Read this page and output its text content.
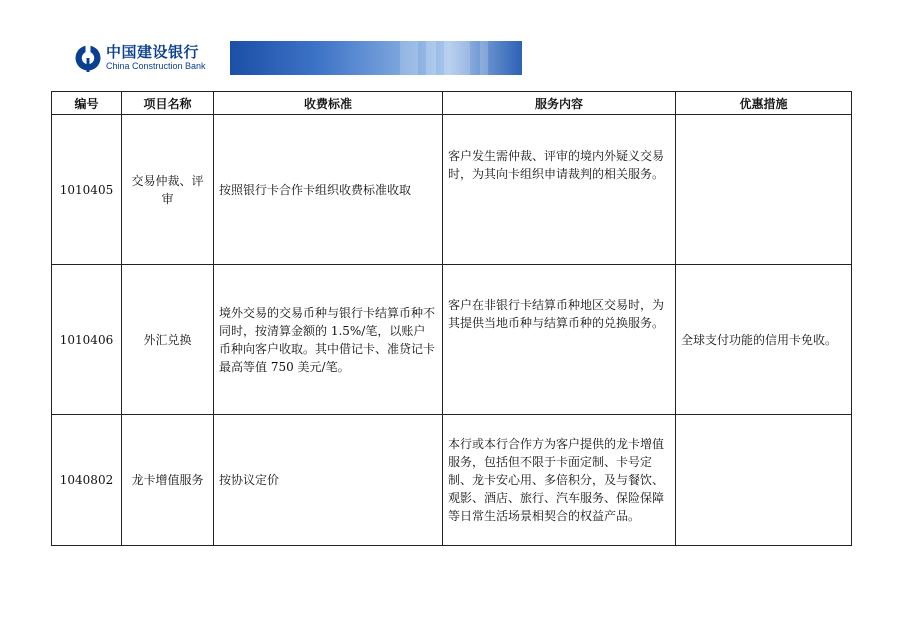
中国建设银行
China Construction Bank
编号	项目名称	收费标准	服务内容	优惠措施
1010405	交易仲裁、评审	按照银行卡合作卡组织收费标准收取	客户发生需仲裁、评审的境内外疑义交易时，为其向卡组织申请裁判的相关服务。	
1010406	外汇兑换	境外交易的交易币种与银行卡结算币种不同时，按清算金额的 1.5%/笔，以账户币种向客户收取。其中借记卡、准贷记卡最高等值 750 美元/笔。	客户在非银行卡结算币种地区交易时，为其提供当地币种与结算币种的兑换服务。	全球支付功能的信用卡免收。
1040802	龙卡增值服务	按协议定价	本行或本行合作方为客户提供的龙卡增值服务，包括但不限于卡面定制、卡号定制、龙卡安心用、多倍积分，及与餐饮、观影、酒店、旅行、汽车服务、保险保障等日常生活场景相契合的权益产品。	
